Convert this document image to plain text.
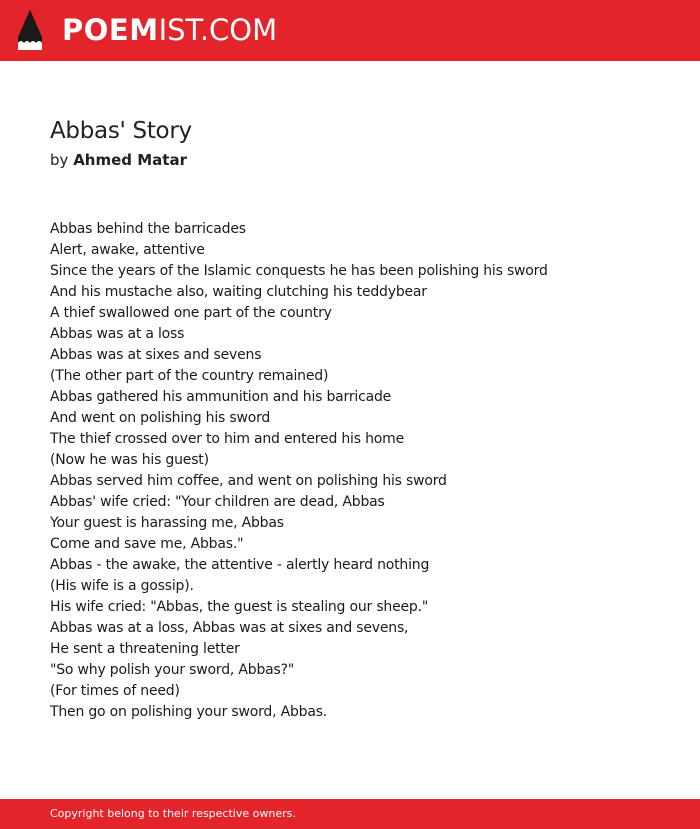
POEMIST.COM
Abbas' Story
by Ahmed Matar
Abbas behind the barricades
Alert, awake, attentive
Since the years of the Islamic conquests he has been polishing his sword
And his mustache also, waiting clutching his teddybear
A thief swallowed one part of the country
Abbas was at a loss
Abbas was at sixes and sevens
(The other part of the country remained)
Abbas gathered his ammunition and his barricade
And went on polishing his sword
The thief crossed over to him and entered his home
(Now he was his guest)
Abbas served him coffee, and went on polishing his sword
Abbas' wife cried: "Your children are dead, Abbas
Your guest is harassing me, Abbas
Come and save me, Abbas."
Abbas - the awake, the attentive - alertly heard nothing
(His wife is a gossip).
His wife cried: "Abbas, the guest is stealing our sheep."
Abbas was at a loss, Abbas was at sixes and sevens,
He sent a threatening letter
"So why polish your sword, Abbas?"
(For times of need)
Then go on polishing your sword, Abbas.
Copyright belong to their respective owners.
